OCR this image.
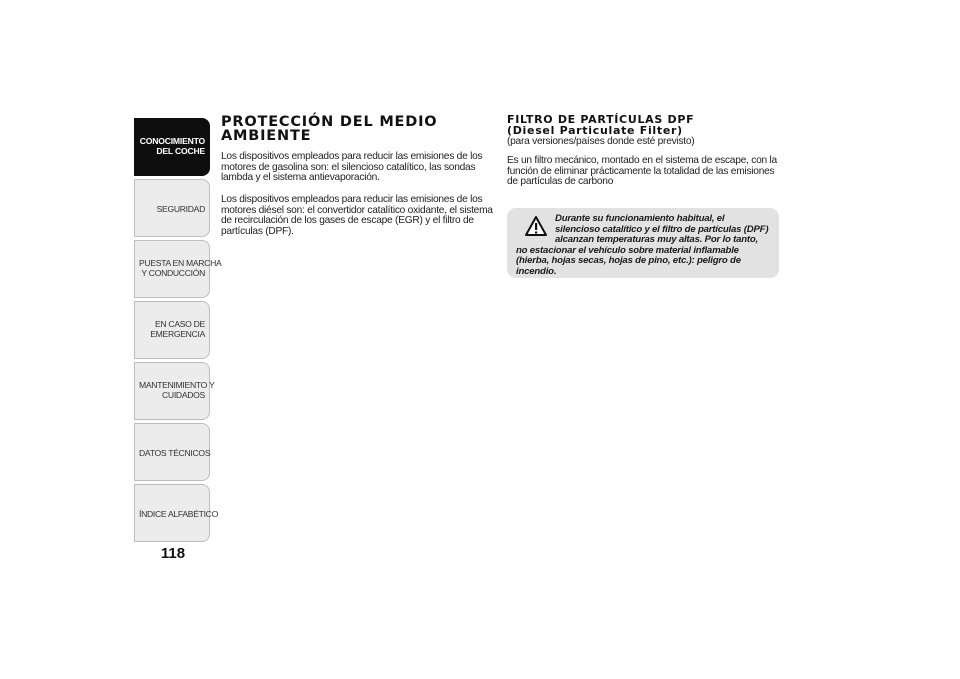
CONOCIMIENTO
DEL COCHE
SEGURIDAD
PUESTA EN MARCHA
Y CONDUCCIÓN
EN CASO DE
EMERGENCIA
MANTENIMIENTO Y
CUIDADOS
DATOS TÉCNICOS
ÍNDICE ALFABÉTICO
118
PROTECCIÓN DEL MEDIO
AMBIENTE

Los dispositivos empleados para reducir las emisiones de los motores de gasolina son: el silencioso catalítico, las sondas lambda y el sistema antievaporación.

Los dispositivos empleados para reducir las emisiones de los motores diésel son: el convertidor catalítico oxidante, el sistema de recirculación de los gases de escape (EGR) y el filtro de partículas (DPF).

FILTRO DE PARTÍCULAS DPF
(Diesel Particulate Filter)

(para versiones/países donde esté previsto)

Es un filtro mecánico, montado en el sistema de escape, con la función de eliminar prácticamente la totalidad de las emisiones de partículas de carbono

Durante su funcionamiento habitual, el silencioso catalítico y el filtro de partículas (DPF) alcanzan temperaturas muy altas. Por lo tanto, no estacionar el vehículo sobre material inflamable (hierba, hojas secas, hojas de pino, etc.): peligro de incendio.
